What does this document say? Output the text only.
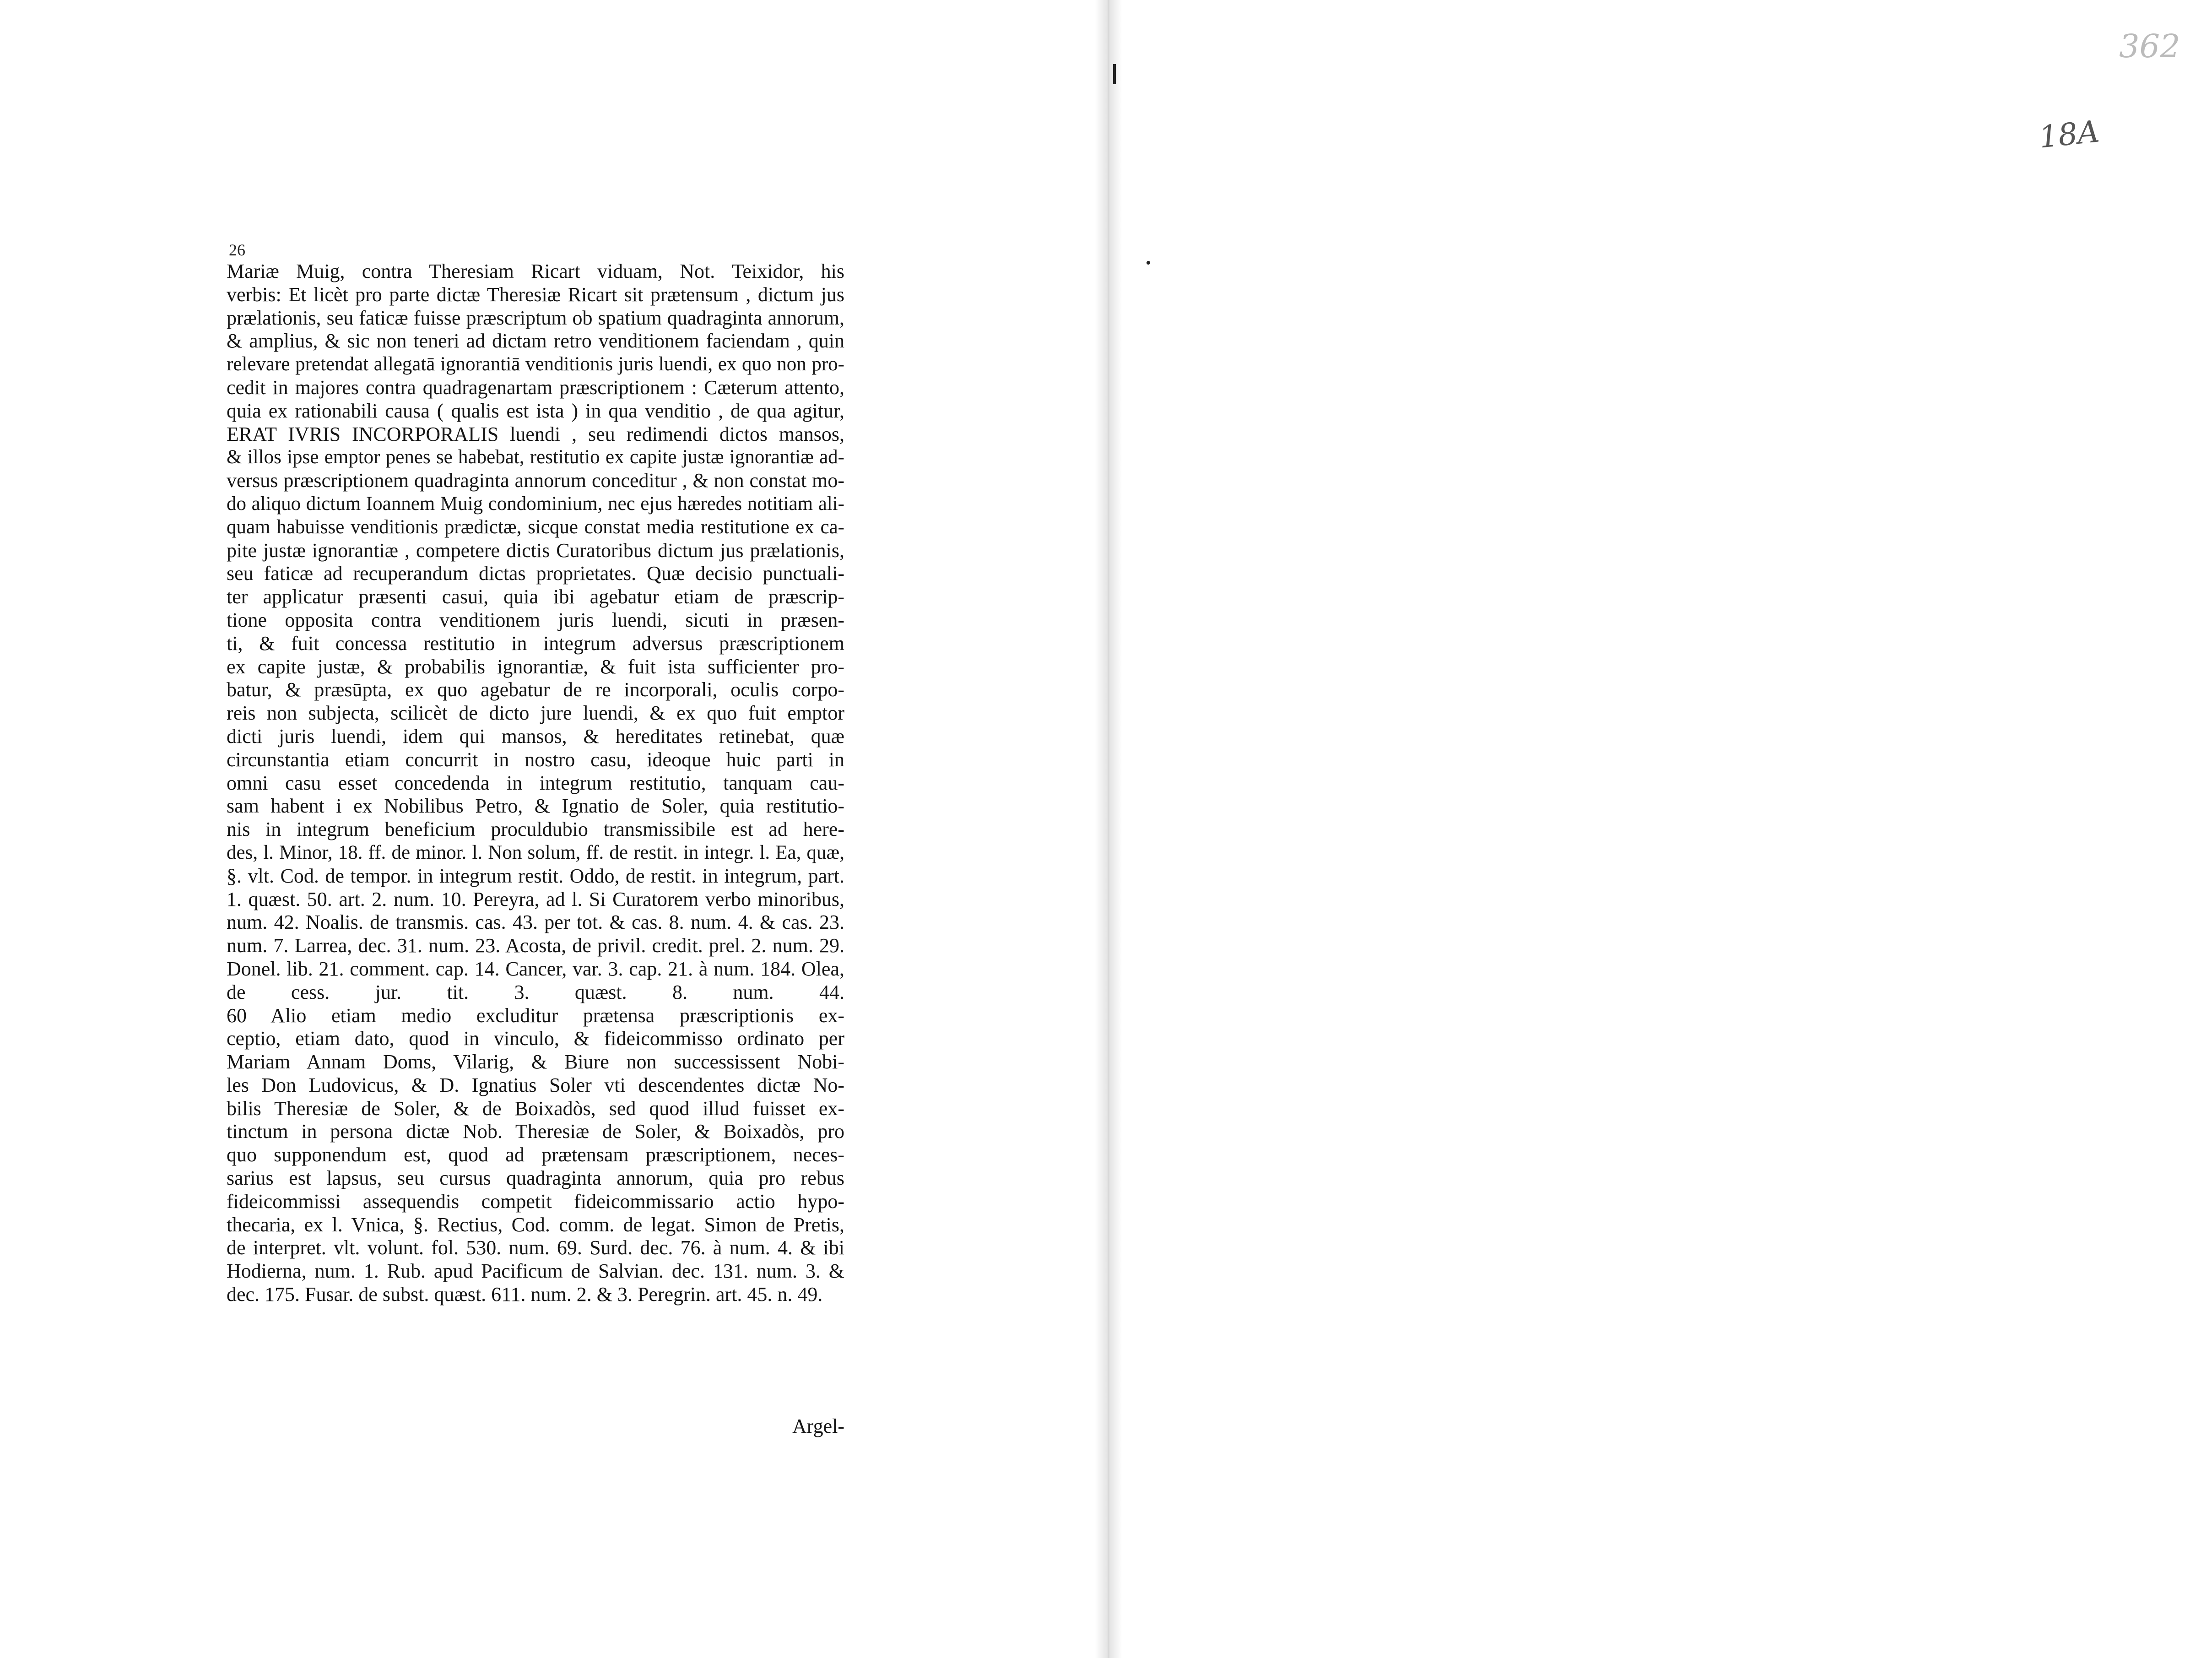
362
18A
26
Mariæ Muig, contra Theresiam Ricart viduam, Not. Teixidor, his
verbis: Et licèt pro parte dictæ Theresiæ Ricart sit prætensum , dictum jus
prælationis, seu faticæ fuisse præscriptum ob spatium quadraginta annorum,
& amplius, & sic non teneri ad dictam retro venditionem faciendam , quin
relevare pretendat allegatā ignorantiā venditionis juris luendi, ex quo non pro-
cedit in majores contra quadragenartam præscriptionem : Cæterum attento,
quia ex rationabili causa ( qualis est ista ) in qua venditio , de qua agitur,
ERAT IVRIS INCORPORALIS luendi , seu redimendi dictos mansos,
& illos ipse emptor penes se habebat, restitutio ex capite justæ ignorantiæ ad-
versus præscriptionem quadraginta annorum conceditur , & non constat mo-
do aliquo dictum Ioannem Muig condominium, nec ejus hæredes notitiam ali-
quam habuisse venditionis prædictæ, sicque constat media restitutione ex ca-
pite justæ ignorantiæ , competere dictis Curatoribus dictum jus prælationis,
seu faticæ ad recuperandum dictas proprietates. Quæ decisio punctuali-
ter applicatur præsenti casui, quia ibi agebatur etiam de præscrip-
tione opposita contra venditionem juris luendi, sicuti in præsen-
ti, & fuit concessa restitutio in integrum adversus præscriptionem
ex capite justæ, & probabilis ignorantiæ, & fuit ista sufficienter pro-
batur, & præsūpta, ex quo agebatur de re incorporali, oculis corpo-
reis non subjecta, scilicèt de dicto jure luendi, & ex quo fuit emptor
dicti juris luendi, idem qui mansos, & hereditates retinebat, quæ
circunstantia etiam concurrit in nostro casu, ideoque huic parti in
omni casu esset concedenda in integrum restitutio, tanquam cau-
sam habent i ex Nobilibus Petro, & Ignatio de Soler, quia restitutio-
nis in integrum beneficium proculdubio transmissibile est ad here-
des, l. Minor, 18. ff. de minor. l. Non solum, ff. de restit. in integr. l. Ea, quæ,
§. vlt. Cod. de tempor. in integrum restit. Oddo, de restit. in integrum, part.
1. quæst. 50. art. 2. num. 10. Pereyra, ad l. Si Curatorem verbo minoribus,
num. 42. Noalis. de transmis. cas. 43. per tot. & cas. 8. num. 4. & cas. 23.
num. 7. Larrea, dec. 31. num. 23. Acosta, de privil. credit. prel. 2. num. 29.
Donel. lib. 21. comment. cap. 14. Cancer, var. 3. cap. 21. à num. 184. Olea,
de cess. jur. tit. 3. quæst. 8. num. 44.
60 Alio etiam medio excluditur prætensa præscriptionis ex-
ceptio, etiam dato, quod in vinculo, & fideicommisso ordinato per
Mariam Annam Doms, Vilarig, & Biure non successissent Nobi-
les Don Ludovicus, & D. Ignatius Soler vti descendentes dictæ No-
bilis Theresiæ de Soler, & de Boixadòs, sed quod illud fuisset ex-
tinctum in persona dictæ Nob. Theresiæ de Soler, & Boixadòs, pro
quo supponendum est, quod ad prætensam præscriptionem, neces-
sarius est lapsus, seu cursus quadraginta annorum, quia pro rebus
fideicommissi assequendis competit fideicommissario actio hypo-
thecaria, ex l. Vnica, §. Rectius, Cod. comm. de legat. Simon de Pretis,
de interpret. vlt. volunt. fol. 530. num. 69. Surd. dec. 76. à num. 4. & ibi
Hodierna, num. 1. Rub. apud Pacificum de Salvian. dec. 131. num. 3. &
dec. 175. Fusar. de subst. quæst. 611. num. 2. & 3. Peregrin. art. 45. n. 49.
Argel-
